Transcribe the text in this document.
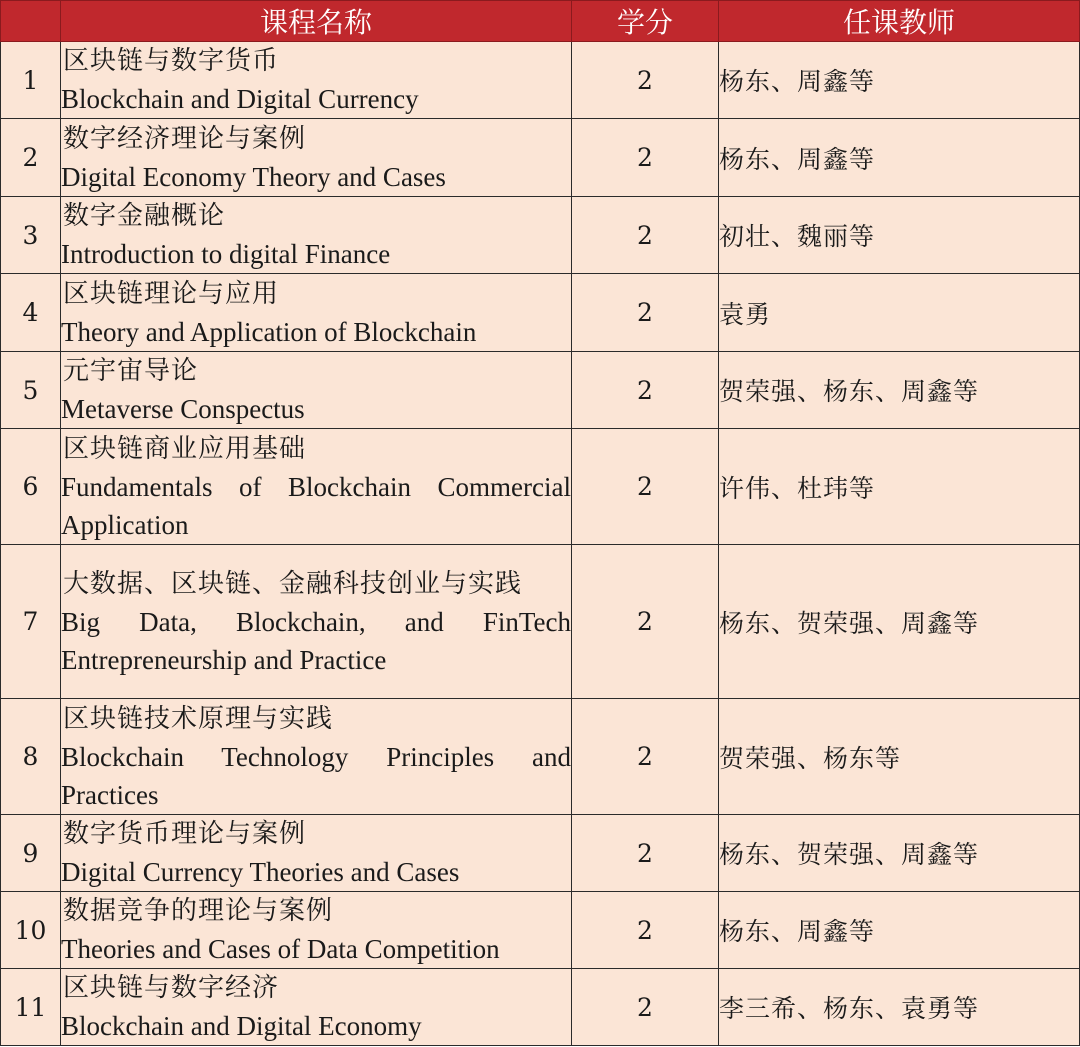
	课程名称	学分	任课教师
1	区块链与数字货币
Blockchain and Digital Currency	2	杨东、周鑫等
2	数字经济理论与案例
Digital Economy Theory and Cases	2	杨东、周鑫等
3	数字金融概论
Introduction to digital Finance	2	初壮、魏丽等
4	区块链理论与应用
Theory and Application of Blockchain	2	袁勇
5	元宇宙导论
Metaverse Conspectus	2	贺荣强、杨东、周鑫等
6	区块链商业应用基础
Fundamentals of Blockchain Commercial Application	2	许伟、杜玮等
7	大数据、区块链、金融科技创业与实践
Big Data, Blockchain, and FinTech Entrepreneurship and Practice	2	杨东、贺荣强、周鑫等
8	区块链技术原理与实践
Blockchain Technology Principles and Practices	2	贺荣强、杨东等
9	数字货币理论与案例
Digital Currency Theories and Cases	2	杨东、贺荣强、周鑫等
10	数据竞争的理论与案例
Theories and Cases of Data Competition	2	杨东、周鑫等
11	区块链与数字经济
Blockchain and Digital Economy	2	李三希、杨东、袁勇等
